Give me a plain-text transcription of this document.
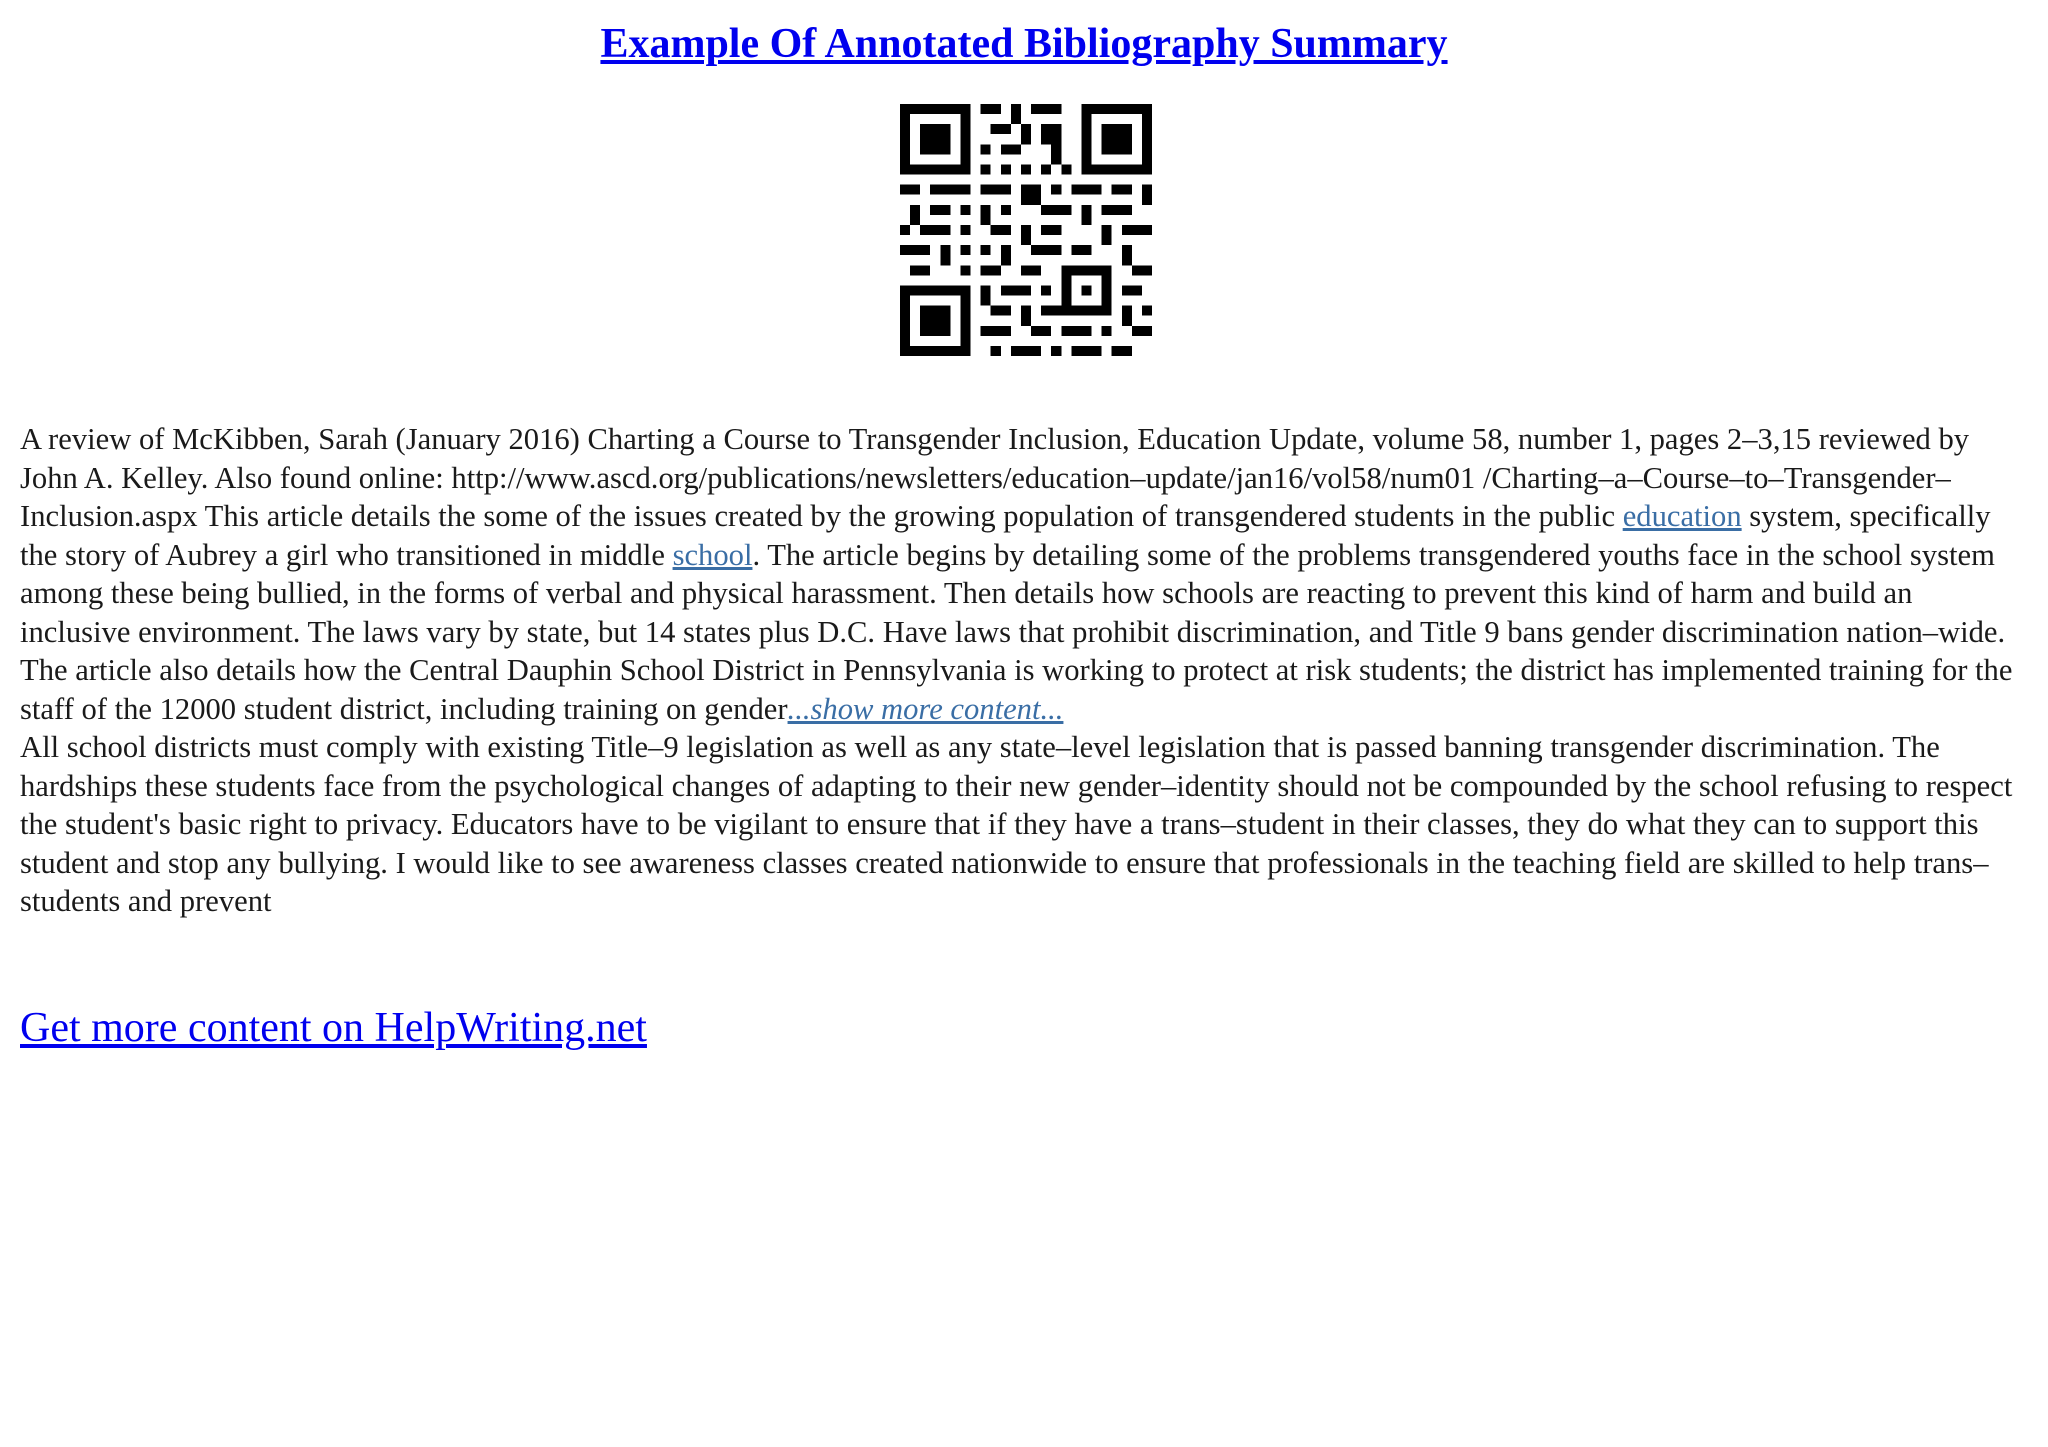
Example Of Annotated Bibliography Summary

A review of McKibben, Sarah (January 2016) Charting a Course to Transgender Inclusion, Education Update, volume 58, number 1, pages 2–3,15 reviewed by John A. Kelley. Also found online: http://www.ascd.org/publications/newsletters/education–update/jan16/vol58/num01 /Charting–a–Course–to–Transgender–Inclusion.aspx This article details the some of the issues created by the growing population of transgendered students in the public education system, specifically the story of Aubrey a girl who transitioned in middle school. The article begins by detailing some of the problems transgendered youths face in the school system among these being bullied, in the forms of verbal and physical harassment. Then details how schools are reacting to prevent this kind of harm and build an inclusive environment. The laws vary by state, but 14 states plus D.C. Have laws that prohibit discrimination, and Title 9 bans gender discrimination nation–wide. The article also details how the Central Dauphin School District in Pennsylvania is working to protect at risk students; the district has implemented training for the staff of the 12000 student district, including training on gender...show more content...

All school districts must comply with existing Title–9 legislation as well as any state–level legislation that is passed banning transgender discrimination. The hardships these students face from the psychological changes of adapting to their new gender–identity should not be compounded by the school refusing to respect the student's basic right to privacy. Educators have to be vigilant to ensure that if they have a trans–student in their classes, they do what they can to support this student and stop any bullying. I would like to see awareness classes created nationwide to ensure that professionals in the teaching field are skilled to help trans–students and prevent

Get more content on HelpWriting.net
